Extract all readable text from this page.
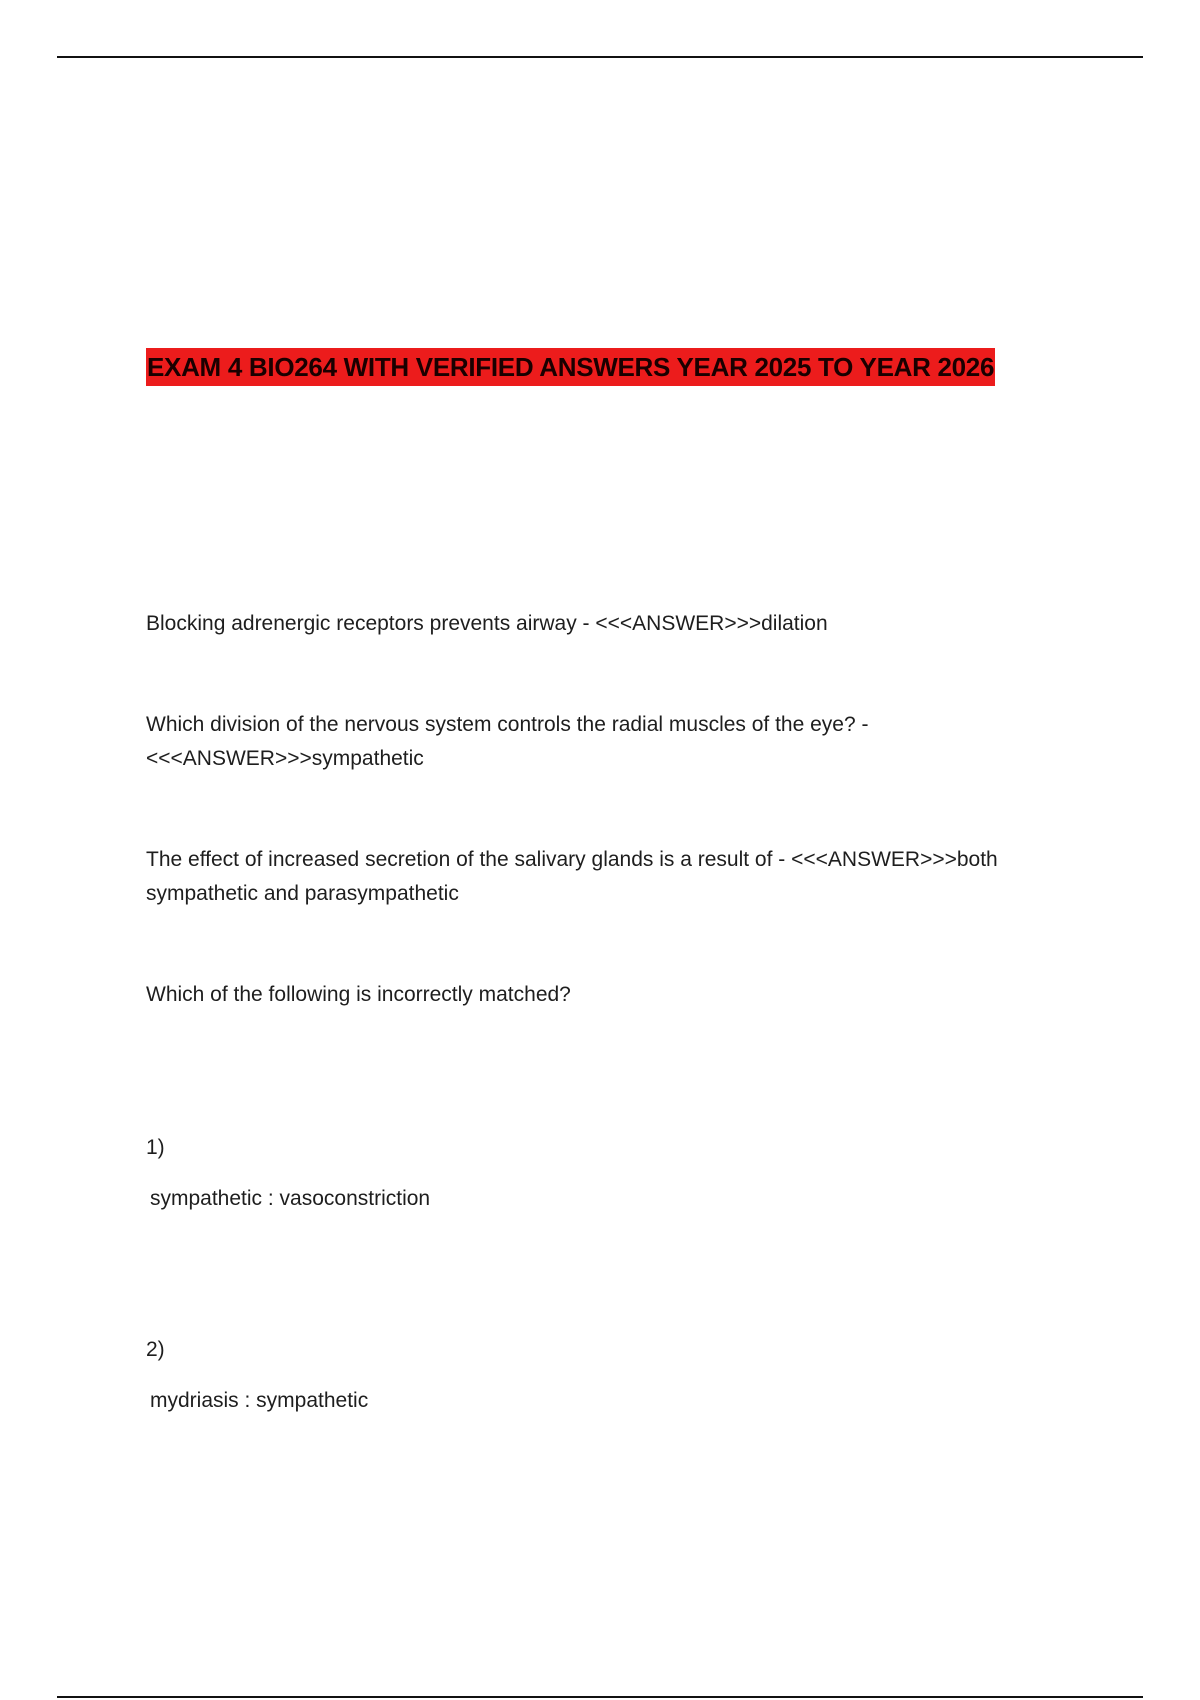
EXAM 4 BIO264 WITH VERIFIED ANSWERS YEAR 2025 TO YEAR 2026
Blocking adrenergic receptors prevents airway - <<<ANSWER>>>dilation
Which division of the nervous system controls the radial muscles of the eye? -
<<<ANSWER>>>sympathetic
The effect of increased secretion of the salivary glands is a result of - <<<ANSWER>>>both
sympathetic and parasympathetic
Which of the following is incorrectly matched?
1)
sympathetic : vasoconstriction
2)
mydriasis : sympathetic
